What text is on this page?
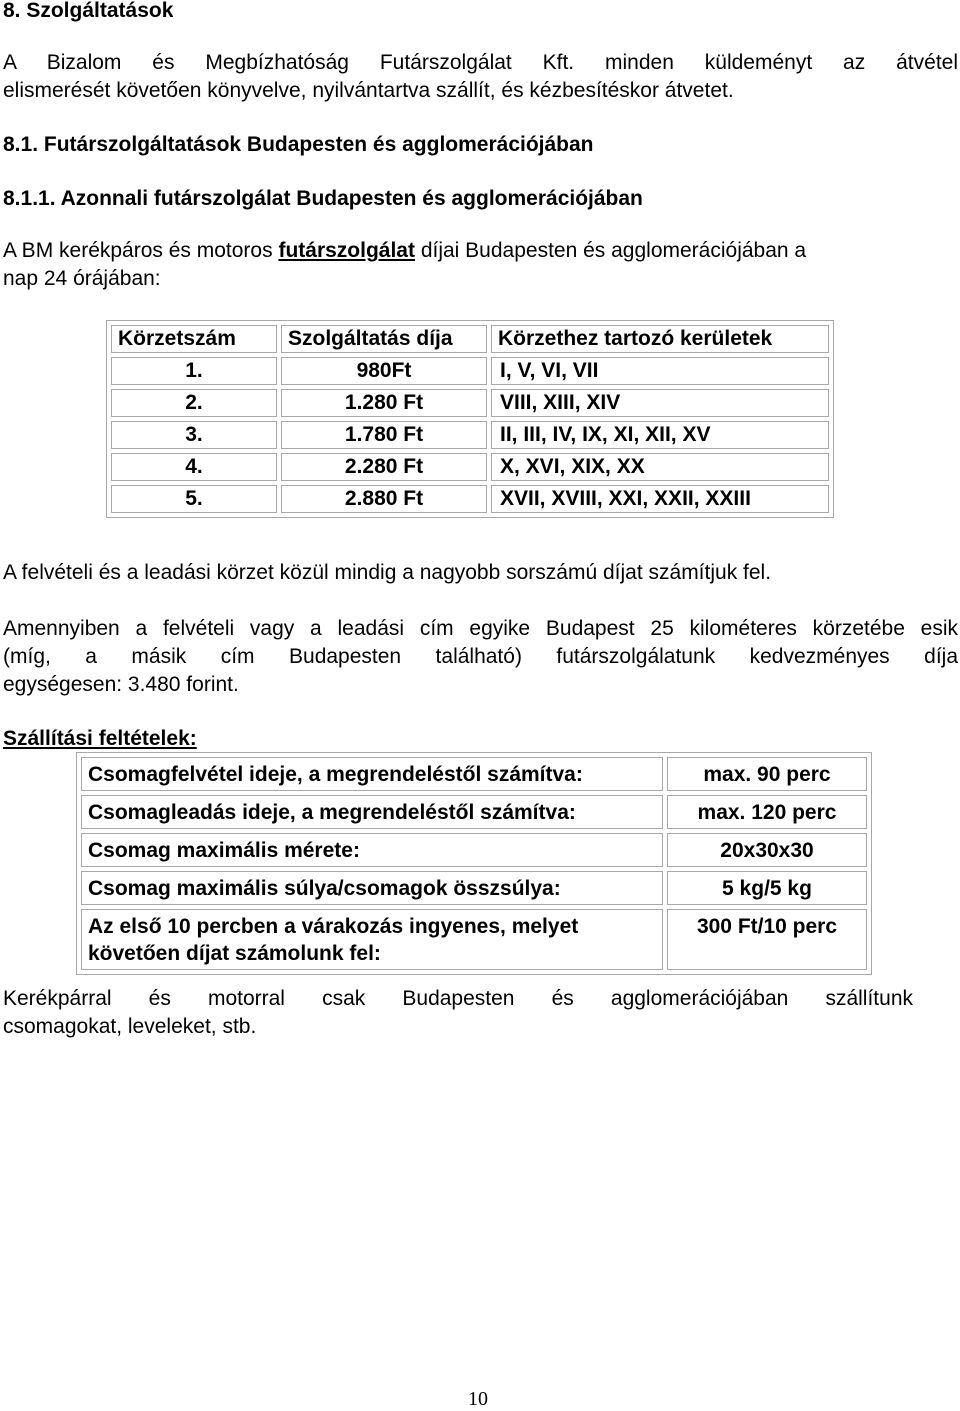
8. Szolgáltatások
A Bizalom és Megbízhatóság Futárszolgálat Kft. minden küldeményt az átvétel
elismerését követően könyvelve, nyilvántartva szállít, és kézbesítéskor átvetet.
8.1. Futárszolgáltatások Budapesten és agglomerációjában
8.1.1. Azonnali futárszolgálat Budapesten és agglomerációjában
A BM kerékpáros és motoros futárszolgálat díjai Budapesten és agglomerációjában a
nap 24 órájában:
Körzetszám	Szolgáltatás díja	Körzethez tartozó kerületek
1.	980Ft	I, V, VI, VII
2.	1.280 Ft	VIII, XIII, XIV
3.	1.780 Ft	II, III, IV, IX, XI, XII, XV
4.	2.280 Ft	X, XVI, XIX, XX
5.	2.880 Ft	XVII, XVIII, XXI, XXII, XXIII
A felvételi és a leadási körzet közül mindig a nagyobb sorszámú díjat számítjuk fel.
Amennyiben a felvételi vagy a leadási cím egyike Budapest 25 kilométeres körzetébe esik
(míg, a másik cím Budapesten található) futárszolgálatunk kedvezményes díja
egységesen: 3.480 forint.
Szállítási feltételek:
Csomagfelvétel ideje, a megrendeléstől számítva:	max. 90 perc
Csomagleadás ideje, a megrendeléstől számítva:	max. 120 perc
Csomag maximális mérete:	20x30x30
Csomag maximális súlya/csomagok összsúlya:	5 kg/5 kg

Az első 10 percben a várakozás ingyenes, melyet
követően díjat számolunk fel:	300 Ft/10 perc
Kerékpárral és motorral csak Budapesten és agglomerációjában szállítunk
csomagokat, leveleket, stb.
10
